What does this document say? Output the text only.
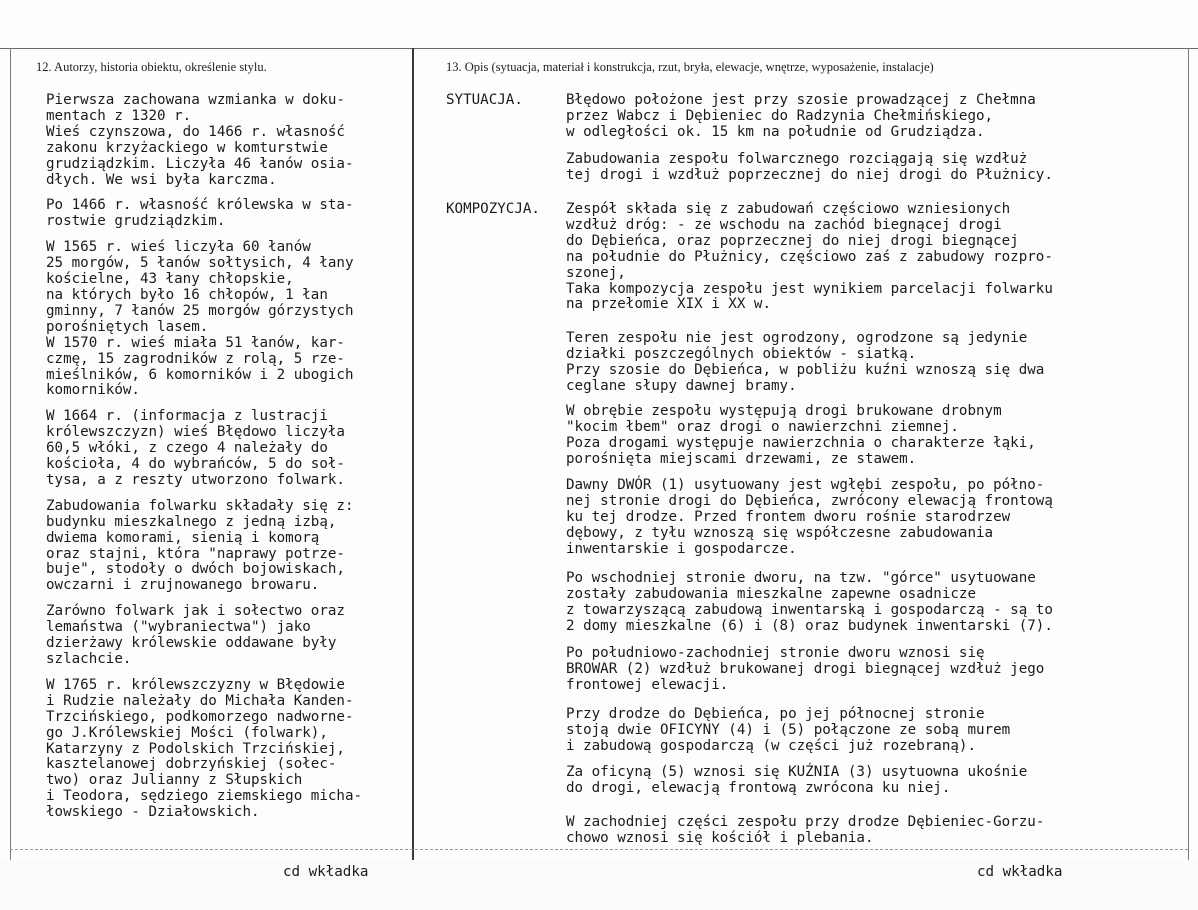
12. Autorzy, historia obiektu, określenie stylu.	13. Opis (sytuacja, materiał i konstrukcja, rzut, bryła, elewacje, wnętrze, wyposażenie, instalacje)

Pierwsza zachowana wzmianka w doku-
mentach z 1320 r.
Wieś czynszowa, do 1466 r. własność
zakonu krzyżackiego w komturstwie
grudziądzkim. Liczyła 46 łanów osia-
dłych. We wsi była karczma.

Po 1466 r. własność królewska w sta-
rostwie grudziądzkim.

W 1565 r. wieś liczyła 60 łanów
25 morgów, 5 łanów sołtysich, 4 łany
kościelne, 43 łany chłopskie,
na których było 16 chłopów, 1 łan
gminny, 7 łanów 25 morgów górzystych
porośniętych lasem.
W 1570 r. wieś miała 51 łanów, kar-
czmę, 15 zagrodników z rolą, 5 rze-
mieślników, 6 komorników i 2 ubogich
komorników.

W 1664 r. (informacja z lustracji
królewszczyzn) wieś Błędowo liczyła
60,5 włóki, z czego 4 należały do
kościoła, 4 do wybrańców, 5 do soł-
tysa, a z reszty utworzono folwark.

Zabudowania folwarku składały się z:
budynku mieszkalnego z jedną izbą,
dwiema komorami, sienią i komorą
oraz stajni, która "naprawy potrze-
buje", stodoły o dwóch bojowiskach,
owczarni i zrujnowanego browaru.

Zarówno folwark jak i sołectwo oraz
lemaństwa ("wybraniectwa") jako
dzierżawy królewskie oddawane były
szlachcie.

W 1765 r. królewszczyzny w Błędowie
i Rudzie należały do Michała Kanden-
Trzcińskiego, podkomorzego nadworne-
go J.Królewskiej Mości (folwark),
Katarzyny z Podolskich Trzcińskiej,
kasztelanowej dobrzyńskiej (sołec-
two) oraz Julianny z Słupskich
i Teodora, sędziego ziemskiego micha-
łowskiego - Działowskich.

SYTUACJA.	Błędowo położone jest przy szosie prowadzącej z Chełmna
przez Wabcz i Dębieniec do Radzynia Chełmińskiego,
w odległości ok. 15 km na południe od Grudziądza.
Zabudowania zespołu folwarcznego rozciągają się wzdłuż
tej drogi i wzdłuż poprzecznej do niej drogi do Płużnicy.
KOMPOZYCJA. Zespół składa się z zabudowań częściowo wzniesionych
wzdłuż dróg: - ze wschodu na zachód biegnącej drogi
do Dębieńca, oraz poprzecznej do niej drogi biegnącej
na południe do Płużnicy, częściowo zaś z zabudowy rozpro-
szonej,
Taka kompozycja zespołu jest wynikiem parcelacji folwarku
na przełomie XIX i XX w.
Teren zespołu nie jest ogrodzony, ogrodzone są jedynie
działki poszczególnych obiektów - siatką.
Przy szosie do Dębieńca, w pobliżu kuźni wznoszą się dwa
ceglane słupy dawnej bramy.
W obrębie zespołu występują drogi brukowane drobnym
"kocim łbem" oraz drogi o nawierzchni ziemnej.
Poza drogami występuje nawierzchnia o charakterze łąki,
porośnięta miejscami drzewami, ze stawem.
Dawny DWÓR (1) usytuowany jest wgłębi zespołu, po półno-
nej stronie drogi do Dębieńca, zwrócony elewacją frontową
ku tej drodze. Przed frontem dworu rośnie starodrzew
dębowy, z tyłu wznoszą się współczesne zabudowania
inwentarskie i gospodarcze.
Po wschodniej stronie dworu, na tzw. "górce" usytuowane
zostały zabudowania mieszkalne zapewne osadnicze
z towarzyszącą zabudową inwentarską i gospodarczą - są to
2 domy mieszkalne (6) i (8) oraz budynek inwentarski (7).
Po południowo-zachodniej stronie dworu wznosi się
BROWAR (2) wzdłuż brukowanej drogi biegnącej wzdłuż jego
frontowej elewacji.
Przy drodze do Dębieńca, po jej północnej stronie
stoją dwie OFICYNY (4) i (5) połączone ze sobą murem
i zabudową gospodarczą (w części już rozebraną).
Za oficyną (5) wznosi się KUŹNIA (3) usytuowna ukośnie
do drogi, elewacją frontową zwrócona ku niej.
W zachodniej części zespołu przy drodze Dębieniec-Gorzu-
chowo wznosi się kościół i plebania.
cd wkładka	cd wkładka
